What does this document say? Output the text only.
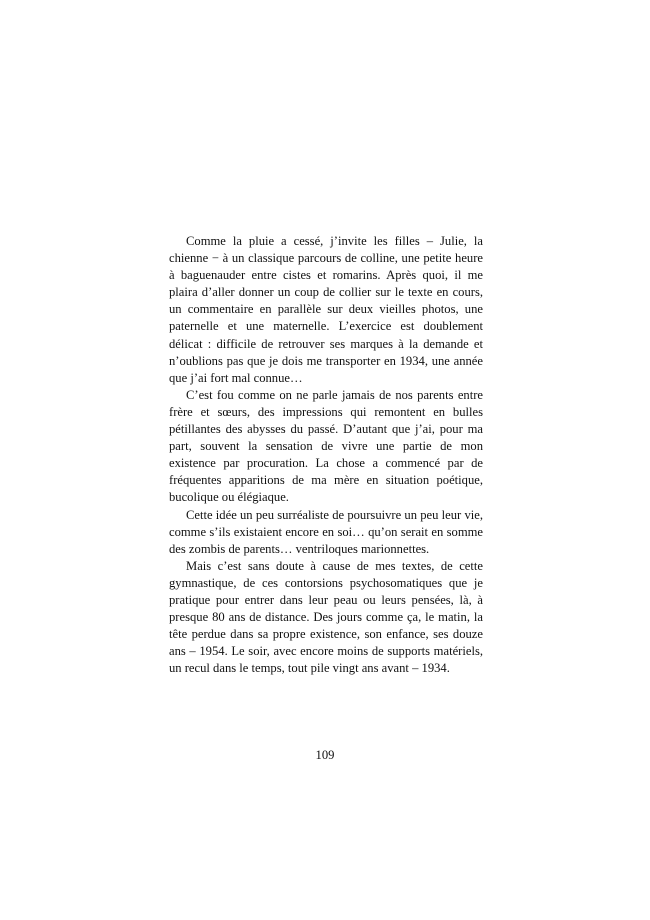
Comme la pluie a cessé, j’invite les filles – Julie, la chienne − à un classique parcours de colline, une petite heure à baguenauder entre cistes et romarins. Après quoi, il me plaira d’aller donner un coup de collier sur le texte en cours, un commentaire en parallèle sur deux vieilles photos, une paternelle et une maternelle. L’exercice est doublement délicat : difficile de retrouver ses marques à la demande et n’oublions pas que je dois me transporter en 1934, une année que j’ai fort mal connue…

C’est fou comme on ne parle jamais de nos parents entre frère et sœurs, des impressions qui remontent en bulles pétillantes des abysses du passé. D’autant que j’ai, pour ma part, souvent la sensation de vivre une partie de mon existence par procuration. La chose a commencé par de fréquentes apparitions de ma mère en situation poétique, bucolique ou élégiaque.

Cette idée un peu surréaliste de poursuivre un peu leur vie, comme s’ils existaient encore en soi… qu’on serait en somme des zombis de parents… ventriloques marionnettes.

Mais c’est sans doute à cause de mes textes, de cette gymnastique, de ces contorsions psychosomatiques que je pratique pour entrer dans leur peau ou leurs pensées, là, à presque 80 ans de distance. Des jours comme ça, le matin, la tête perdue dans sa propre existence, son enfance, ses douze ans – 1954. Le soir, avec encore moins de supports matériels, un recul dans le temps, tout pile vingt ans avant – 1934.

109
